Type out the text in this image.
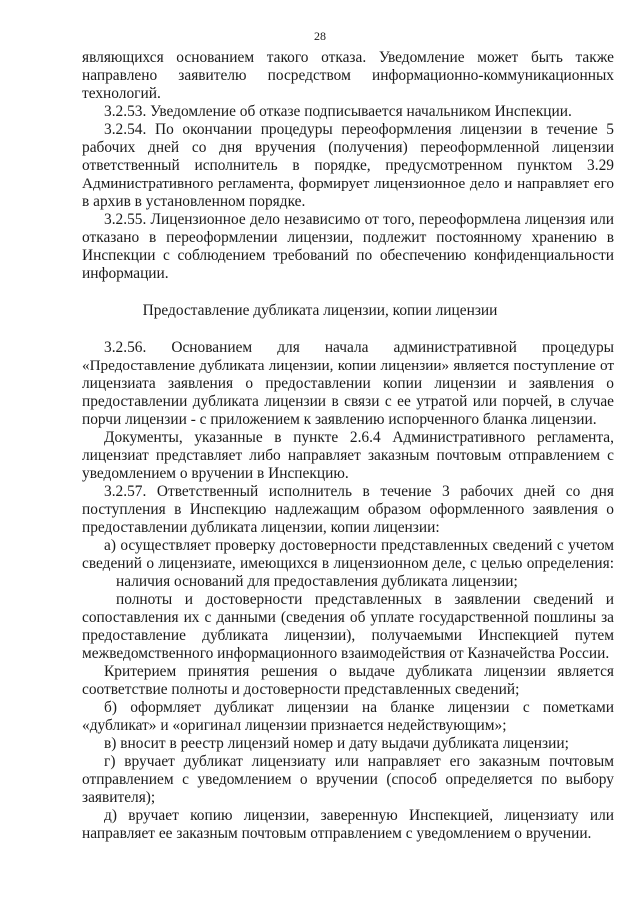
28
являющихся основанием такого отказа. Уведомление может быть также
направлено заявителю посредством информационно-коммуникационных
технологий.
3.2.53. Уведомление об отказе подписывается начальником Инспекции.
3.2.54. По окончании процедуры переоформления лицензии в течение 5
рабочих дней со дня вручения (получения) переоформленной лицензии
ответственный исполнитель в порядке, предусмотренном пунктом 3.29
Административного регламента, формирует лицензионное дело и направляет его
в архив в установленном порядке.
3.2.55. Лицензионное дело независимо от того, переоформлена лицензия или
отказано в переоформлении лицензии, подлежит постоянному хранению в
Инспекции с соблюдением требований по обеспечению конфиденциальности
информации.
Предоставление дубликата лицензии, копии лицензии
3.2.56. Основанием для начала административной процедуры
«Предоставление дубликата лицензии, копии лицензии» является поступление от
лицензиата заявления о предоставлении копии лицензии и заявления о
предоставлении дубликата лицензии в связи с ее утратой или порчей, в случае
порчи лицензии - с приложением к заявлению испорченного бланка лицензии.
Документы, указанные в пункте 2.6.4 Административного регламента,
лицензиат представляет либо направляет заказным почтовым отправлением с
уведомлением о вручении в Инспекцию.
3.2.57. Ответственный исполнитель в течение 3 рабочих дней со дня
поступления в Инспекцию надлежащим образом оформленного заявления о
предоставлении дубликата лицензии, копии лицензии:
а) осуществляет проверку достоверности представленных сведений с учетом
сведений о лицензиате, имеющихся в лицензионном деле, с целью определения:
наличия оснований для предоставления дубликата лицензии;
полноты и достоверности представленных в заявлении сведений и
сопоставления их с данными (сведения об уплате государственной пошлины за
предоставление дубликата лицензии), получаемыми Инспекцией путем
межведомственного информационного взаимодействия от Казначейства России.
Критерием принятия решения о выдаче дубликата лицензии является
соответствие полноты и достоверности представленных сведений;
б) оформляет дубликат лицензии на бланке лицензии с пометками
«дубликат» и «оригинал лицензии признается недействующим»;
в) вносит в реестр лицензий номер и дату выдачи дубликата лицензии;
г) вручает дубликат лицензиату или направляет его заказным почтовым
отправлением с уведомлением о вручении (способ определяется по выбору
заявителя);
д) вручает копию лицензии, заверенную Инспекцией, лицензиату или
направляет ее заказным почтовым отправлением с уведомлением о вручении.
